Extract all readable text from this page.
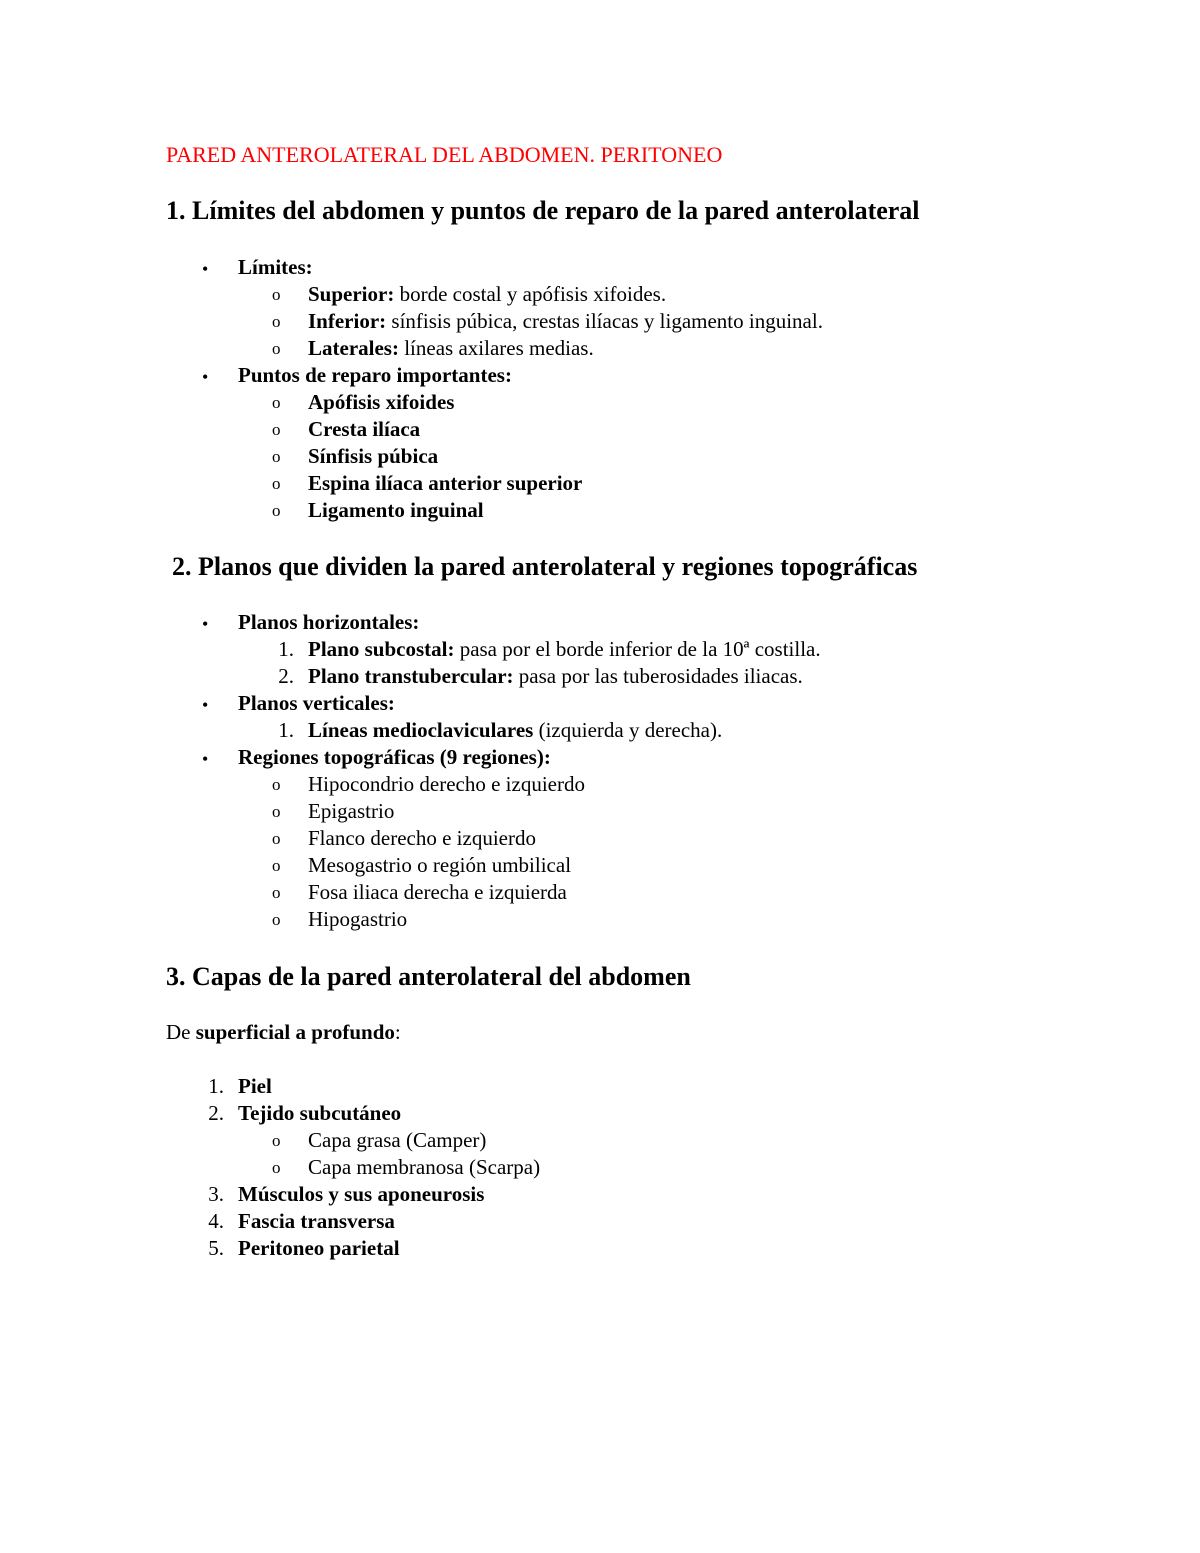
PARED ANTEROLATERAL DEL ABDOMEN. PERITONEO
1. Límites del abdomen y puntos de reparo de la pared anterolateral
• Límites:
o Superior: borde costal y apófisis xifoides.
o Inferior: sínfisis púbica, crestas ilíacas y ligamento inguinal.
o Laterales: líneas axilares medias.
• Puntos de reparo importantes:
o Apófisis xifoides
o Cresta ilíaca
o Sínfisis púbica
o Espina ilíaca anterior superior
o Ligamento inguinal
2. Planos que dividen la pared anterolateral y regiones topográficas
• Planos horizontales:
1. Plano subcostal: pasa por el borde inferior de la 10ª costilla.
2. Plano transtubercular: pasa por las tuberosidades iliacas.
• Planos verticales:
1. Líneas medioclaviculares (izquierda y derecha).
• Regiones topográficas (9 regiones):
o Hipocondrio derecho e izquierdo
o Epigastrio
o Flanco derecho e izquierdo
o Mesogastrio o región umbilical
o Fosa iliaca derecha e izquierda
o Hipogastrio
3. Capas de la pared anterolateral del abdomen
De superficial a profundo:
1. Piel
2. Tejido subcutáneo
o Capa grasa (Camper)
o Capa membranosa (Scarpa)
3. Músculos y sus aponeurosis
4. Fascia transversa
5. Peritoneo parietal
